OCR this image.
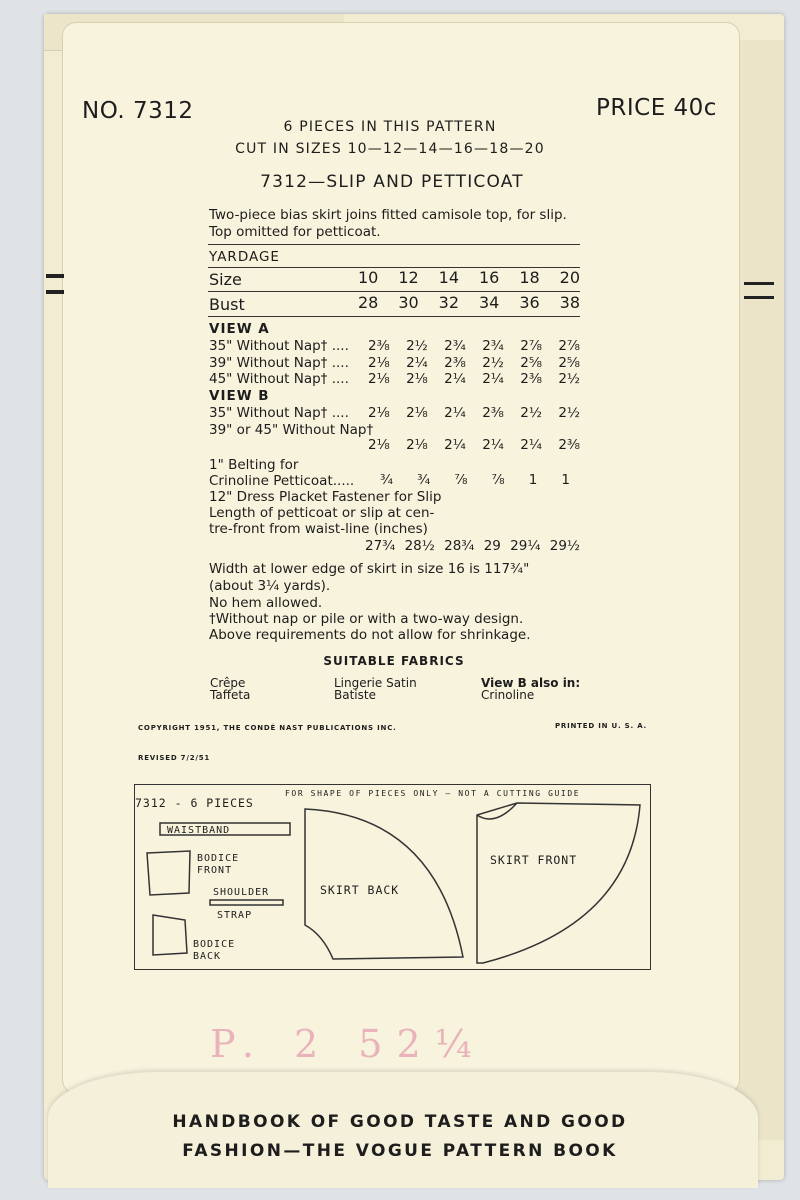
NO. 7312	PRICE 40c
6 PIECES IN THIS PATTERN
CUT IN SIZES 10—12—14—16—18—20
7312—SLIP AND PETTICOAT
Two-piece bias skirt joins fitted camisole top, for slip.
Top omitted for petticoat.
YARDAGE
Size	10 12 14 16 18 20
Bust	28 30 32 34 36 38
VIEW A
35" Without Nap† .... 2⅜ 2½ 2¾ 2¾ 2⅞ 2⅞
39" Without Nap† .... 2⅛ 2¼ 2⅜ 2½ 2⅝ 2⅝
45" Without Nap† .... 2⅛ 2⅛ 2¼ 2¼ 2⅜ 2½
VIEW B
35" Without Nap† .... 2⅛ 2⅛ 2¼ 2⅜ 2½ 2½
39" or 45" Without Nap†
2⅛ 2⅛ 2¼ 2¼ 2¼ 2⅜
1" Belting for
Crinoline Petticoat..... ¾ ¾ ⅞ ⅞ 1 1
12" Dress Placket Fastener for Slip
Length of petticoat or slip at cen-
tre-front from waist-line (inches)
27¾ 28½ 28¾ 29 29¼ 29½
Width at lower edge of skirt in size 16 is 117¾"
(about 3¼ yards).
No hem allowed.
†Without nap or pile or with a two-way design.
Above requirements do not allow for shrinkage.
SUITABLE FABRICS
Crêpe
Taffeta
Lingerie Satin
Batiste
View B also in:
Crinoline
COPYRIGHT 1951, THE CONDÉ NAST PUBLICATIONS INC.	PRINTED IN U. S. A.
REVISED 7/2/51
7312 - 6 PIECES
FOR SHAPE OF PIECES ONLY — NOT A CUTTING GUIDE
WAISTBAND
BODICE
FRONT
SHOULDER
STRAP
BODICE
BACK
SKIRT BACK
SKIRT FRONT
P. 2 52¼
HANDBOOK OF GOOD TASTE AND GOOD
FASHION—THE VOGUE PATTERN BOOK
